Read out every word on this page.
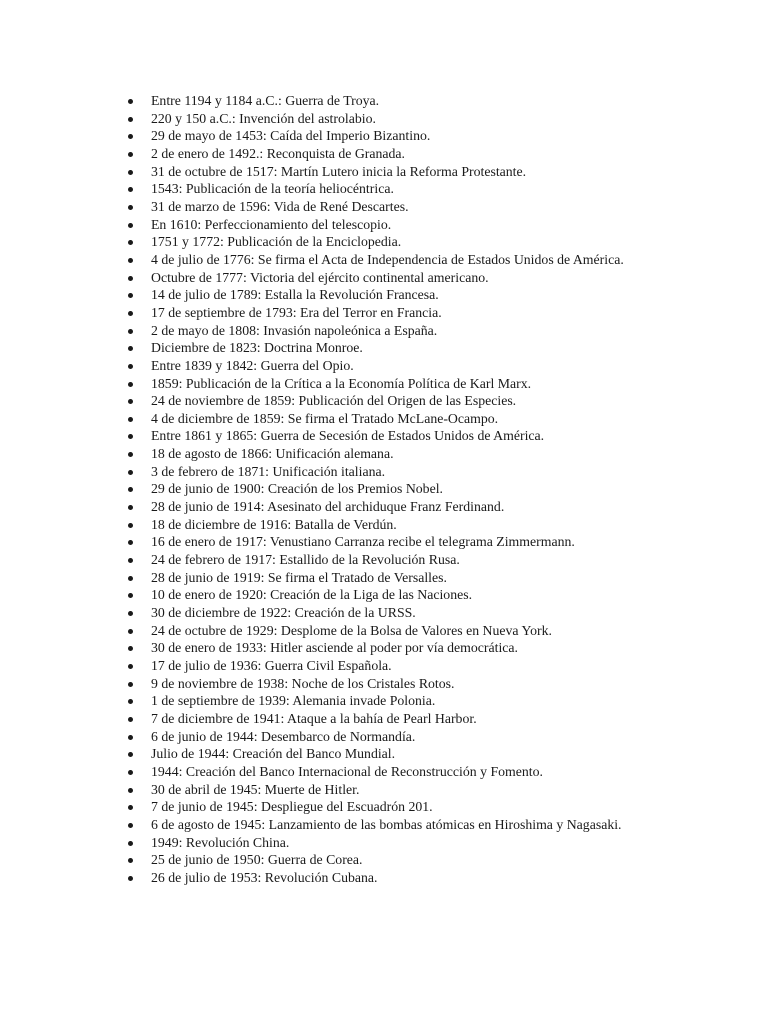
Entre 1194 y 1184 a.C.: Guerra de Troya.
220 y 150 a.C.: Invención del astrolabio.
29 de mayo de 1453: Caída del Imperio Bizantino.
2 de enero de 1492.: Reconquista de Granada.
31 de octubre de 1517: Martín Lutero inicia la Reforma Protestante.
1543: Publicación de la teoría heliocéntrica.
31 de marzo de 1596: Vida de René Descartes.
En 1610: Perfeccionamiento del telescopio.
1751 y 1772: Publicación de la Enciclopedia.
4 de julio de 1776: Se firma el Acta de Independencia de Estados Unidos de América.
Octubre de 1777: Victoria del ejército continental americano.
14 de julio de 1789: Estalla la Revolución Francesa.
17 de septiembre de 1793: Era del Terror en Francia.
2 de mayo de 1808: Invasión napoleónica a España.
Diciembre de 1823: Doctrina Monroe.
Entre 1839 y 1842: Guerra del Opio.
1859: Publicación de la Crítica a la Economía Política de Karl Marx.
24 de noviembre de 1859: Publicación del Origen de las Especies.
4 de diciembre de 1859: Se firma el Tratado McLane-Ocampo.
Entre 1861 y 1865: Guerra de Secesión de Estados Unidos de América.
18 de agosto de 1866: Unificación alemana.
3 de febrero de 1871: Unificación italiana.
29 de junio de 1900: Creación de los Premios Nobel.
28 de junio de 1914: Asesinato del archiduque Franz Ferdinand.
18 de diciembre de 1916: Batalla de Verdún.
16 de enero de 1917: Venustiano Carranza recibe el telegrama Zimmermann.
24 de febrero de 1917: Estallido de la Revolución Rusa.
28 de junio de 1919: Se firma el Tratado de Versalles.
10 de enero de 1920: Creación de la Liga de las Naciones.
30 de diciembre de 1922: Creación de la URSS.
24 de octubre de 1929: Desplome de la Bolsa de Valores en Nueva York.
30 de enero de 1933: Hitler asciende al poder por vía democrática.
17 de julio de 1936: Guerra Civil Española.
9 de noviembre de 1938: Noche de los Cristales Rotos.
1 de septiembre de 1939: Alemania invade Polonia.
7 de diciembre de 1941: Ataque a la bahía de Pearl Harbor.
6 de junio de 1944: Desembarco de Normandía.
Julio de 1944: Creación del Banco Mundial.
1944: Creación del Banco Internacional de Reconstrucción y Fomento.
30 de abril de 1945: Muerte de Hitler.
7 de junio de 1945: Despliegue del Escuadrón 201.
6 de agosto de 1945: Lanzamiento de las bombas atómicas en Hiroshima y Nagasaki.
1949: Revolución China.
25 de junio de 1950: Guerra de Corea.
26 de julio de 1953: Revolución Cubana.
